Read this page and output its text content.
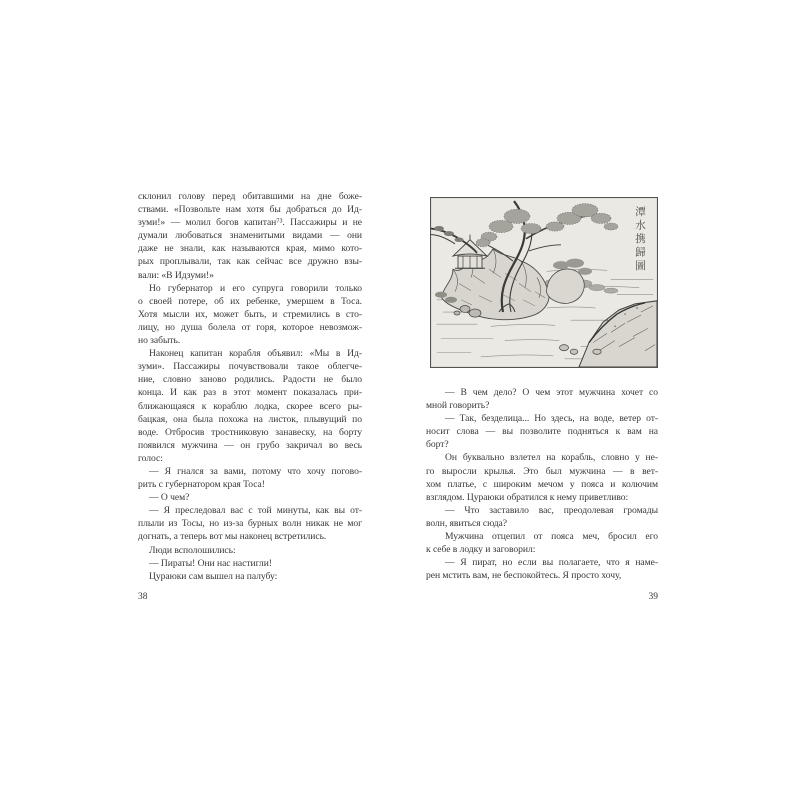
склонил голову перед обитавшими на дне боже-
ствами. «Позвольте нам хотя бы добраться до Ид-
зуми!» — молил богов капитан⁷³. Пассажиры и не
думали любоваться знаменитыми видами — они
даже не знали, как называются края, мимо кото-
рых проплывали, так как сейчас все дружно взы-
вали: «В Идзуми!»
Но губернатор и его супруга говорили только
о своей потере, об их ребенке, умершем в Тоса.
Хотя мысли их, может быть, и стремились в сто-
лицу, но душа болела от горя, которое невозмож-
но забыть.
Наконец капитан корабля объявил: «Мы в Ид-
зуми». Пассажиры почувствовали такое облегче-
ние, словно заново родились. Радости не было
конца. И как раз в этот момент показалась при-
ближающаяся к кораблю лодка, скорее всего ры-
бацкая, она была похожа на листок, плывущий по
воде. Отбросив тростниковую занавеску, на борту
появился мужчина — он грубо закричал во весь
голос:
— Я гнался за вами, потому что хочу погово-
рить с губернатором края Тоса!
— О чем?
— Я преследовал вас с той минуты, как вы от-
плыли из Тосы, но из-за бурных волн никак не мог
догнать, а теперь вот мы наконец встретились.
Люди всполошились:
— Пираты! Они нас настигли!
Цураюки сам вышел на палубу:
38
潭水携歸圖
— В чем дело? О чем этот мужчина хочет со
мной говорить?
— Так, безделица... Но здесь, на воде, ветер от-
носит слова — вы позволите подняться к вам на
борт?
Он буквально взлетел на корабль, словно у не-
го выросли крылья. Это был мужчина — в вет-
хом платье, с широким мечом у пояса и колючим
взглядом. Цураюки обратился к нему приветливо:
— Что заставило вас, преодолевая громады
волн, явиться сюда?
Мужчина отцепил от пояса меч, бросил его
к себе в лодку и заговорил:
— Я пират, но если вы полагаете, что я наме-
рен мстить вам, не беспокойтесь. Я просто хочу,
39
